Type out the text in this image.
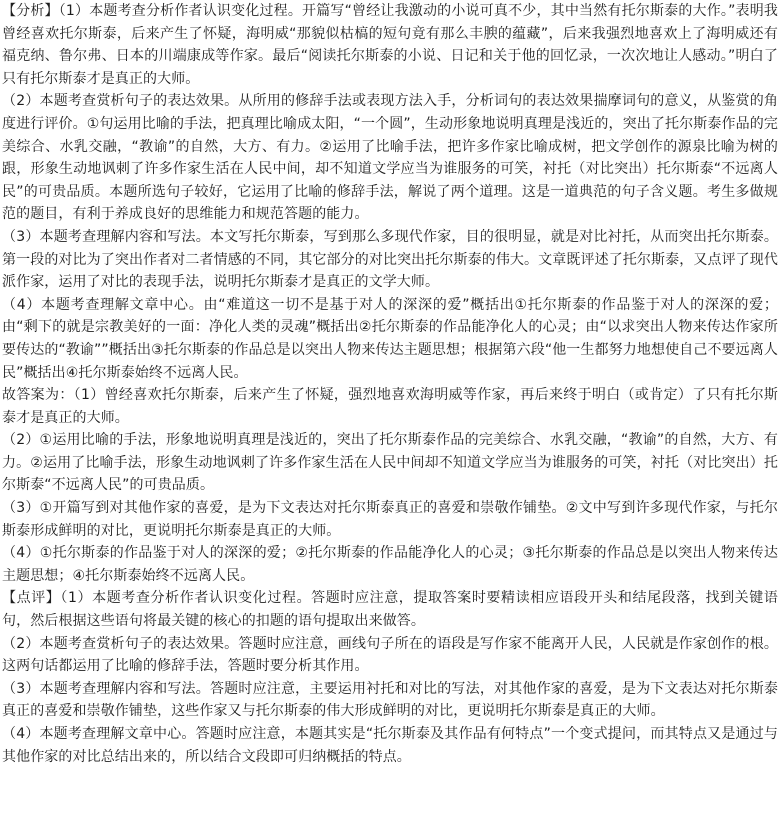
【分析】（1）本题考查分析作者认识变化过程。开篇写“曾经让我激动的小说可真不少，其中当然有托尔斯泰的大作。”表明我曾经喜欢托尔斯泰，后来产生了怀疑，海明威“那貌似枯槁的短句竟有那么丰腴的蕴藏”，后来我强烈地喜欢上了海明威还有福克纳、鲁尔弗、日本的川端康成等作家。最后“阅读托尔斯泰的小说、日记和关于他的回忆录，一次次地让人感动。”明白了只有托尔斯泰才是真正的大师。

（2）本题考查赏析句子的表达效果。从所用的修辞手法或表现方法入手，分析词句的表达效果揣摩词句的意义，从鉴赏的角度进行评价。①句运用比喻的手法，把真理比喻成太阳，“一个圆”，生动形象地说明真理是浅近的，突出了托尔斯泰作品的完美综合、水乳交融，“教谕”的自然，大方、有力。②运用了比喻手法，把许多作家比喻成树，把文学创作的源泉比喻为树的跟，形象生动地讽刺了许多作家生活在人民中间，却不知道文学应当为谁服务的可笑，衬托（对比突出）托尔斯泰“不远离人民”的可贵品质。本题所选句子较好，它运用了比喻的修辞手法，解说了两个道理。这是一道典范的句子含义题。考生多做规范的题目，有利于养成良好的思维能力和规范答题的能力。

（3）本题考查理解内容和写法。本文写托尔斯泰，写到那么多现代作家，目的很明显，就是对比衬托，从而突出托尔斯泰。第一段的对比为了突出作者对二者情感的不同，其它部分的对比突出托尔斯泰的伟大。文章既评述了托尔斯泰，又点评了现代派作家，运用了对比的表现手法，说明托尔斯泰才是真正的文学大师。

（4）本题考查理解文章中心。由“难道这一切不是基于对人的深深的爱”概括出①托尔斯泰的作品鉴于对人的深深的爱；由“剩下的就是宗教美好的一面：净化人类的灵魂”概括出②托尔斯泰的作品能净化人的心灵；由“以求突出人物来传达作家所要传达的“教谕””概括出③托尔斯泰的作品总是以突出人物来传达主题思想；根据第六段“他一生都努力地想使自己不要远离人民”概括出④托尔斯泰始终不远离人民。

故答案为：（1）曾经喜欢托尔斯泰，后来产生了怀疑，强烈地喜欢海明威等作家，再后来终于明白（或肯定）了只有托尔斯泰才是真正的大师。

（2）①运用比喻的手法，形象地说明真理是浅近的，突出了托尔斯泰作品的完美综合、水乳交融，“教谕”的自然，大方、有力。②运用了比喻手法，形象生动地讽刺了许多作家生活在人民中间却不知道文学应当为谁服务的可笑，衬托（对比突出）托尔斯泰“不远离人民”的可贵品质。

（3）①开篇写到对其他作家的喜爱，是为下文表达对托尔斯泰真正的喜爱和崇敬作铺垫。②文中写到许多现代作家，与托尔斯泰形成鲜明的对比，更说明托尔斯泰是真正的大师。

（4）①托尔斯泰的作品鉴于对人的深深的爱；②托尔斯泰的作品能净化人的心灵；③托尔斯泰的作品总是以突出人物来传达主题思想；④托尔斯泰始终不远离人民。

【点评】（1）本题考查分析作者认识变化过程。答题时应注意，提取答案时要精读相应语段开头和结尾段落，找到关键语句，然后根据这些语句将最关键的核心的扣题的语句提取出来做答。

（2）本题考查赏析句子的表达效果。答题时应注意，画线句子所在的语段是写作家不能离开人民，人民就是作家创作的根。这两句话都运用了比喻的修辞手法，答题时要分析其作用。

（3）本题考查理解内容和写法。答题时应注意，主要运用衬托和对比的写法，对其他作家的喜爱，是为下文表达对托尔斯泰真正的喜爱和崇敬作铺垫，这些作家又与托尔斯泰的伟大形成鲜明的对比，更说明托尔斯泰是真正的大师。

（4）本题考查理解文章中心。答题时应注意，本题其实是“托尔斯泰及其作品有何特点”一个变式提问，而其特点又是通过与其他作家的对比总结出来的，所以结合文段即可归纳概括的特点。
